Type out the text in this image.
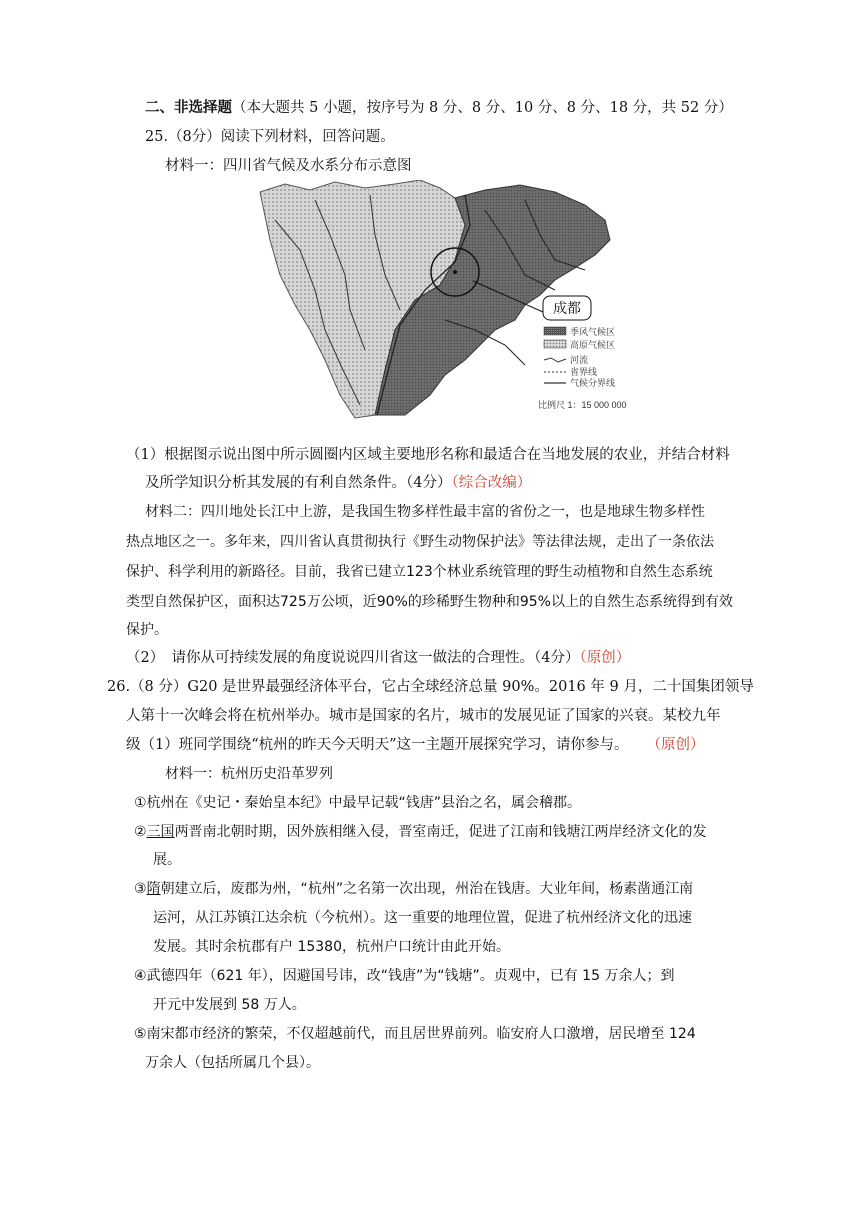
二、非选择题（本大题共 5 小题，按序号为 8 分、8 分、10 分、8 分、18 分，共 52 分）
25.（8分）阅读下列材料，回答问题。
材料一：四川省气候及水系分布示意图
成都
季风气候区
高原气候区
河流
省界线
气候分界线
比例尺 1：15 000 000
（1）根据图示说出图中所示圆圈内区域主要地形名称和最适合在当地发展的农业，并结合材料
及所学知识分析其发展的有利自然条件。（4分）（综合改编）
材料二：四川地处长江中上游，是我国生物多样性最丰富的省份之一，也是地球生物多样性
热点地区之一。多年来，四川省认真贯彻执行《野生动物保护法》等法律法规，走出了一条依法
保护、科学利用的新路径。目前，我省已建立123个林业系统管理的野生动植物和自然生态系统
类型自然保护区，面积达725万公顷，近90%的珍稀野生物种和95%以上的自然生态系统得到有效
保护。
（2）　请你从可持续发展的角度说说四川省这一做法的合理性。（4分）（原创）
26.（8 分）G20 是世界最强经济体平台，它占全球经济总量 90%。2016 年 9 月，二十国集团领导
人第十一次峰会将在杭州举办。城市是国家的名片，城市的发展见证了国家的兴衰。某校九年
级（1）班同学围绕“杭州的昨天今天明天”这一主题开展探究学习，请你参与。 （原创）
材料一：杭州历史沿革罗列
①杭州在《史记・秦始皇本纪》中最早记载“钱唐”县治之名，属会稽郡。
②三国两晋南北朝时期，因外族相继入侵，晋室南迁，促进了江南和钱塘江两岸经济文化的发
展。
③隋朝建立后，废郡为州，“杭州”之名第一次出现，州治在钱唐。大业年间，杨素凿通江南
运河，从江苏镇江达余杭（今杭州）。这一重要的地理位置，促进了杭州经济文化的迅速
发展。其时余杭郡有户 15380，杭州户口统计由此开始。
④武德四年（621 年），因避国号讳，改“钱唐”为“钱塘”。贞观中，已有 15 万余人；到
开元中发展到 58 万人。
⑤南宋都市经济的繁荣，不仅超越前代，而且居世界前列。临安府人口激增，居民增至 124
万余人（包括所属几个县）。
